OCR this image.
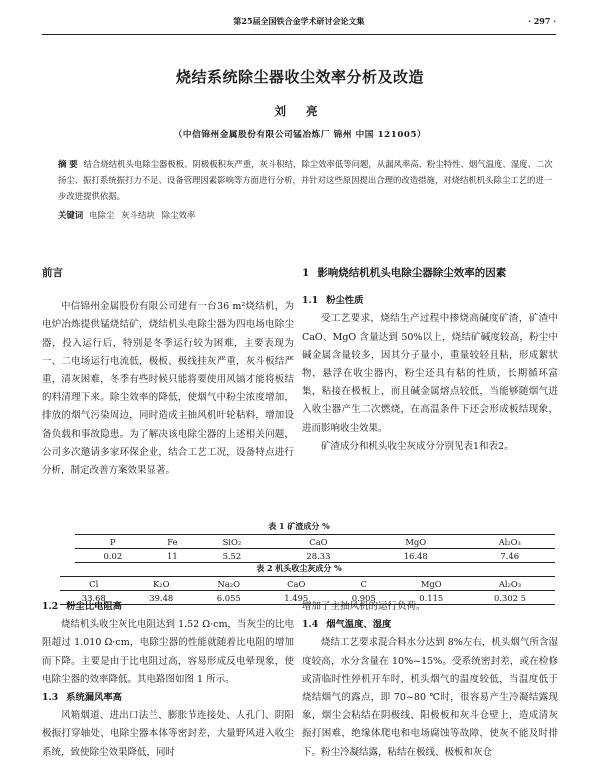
第25届全国铁合金学术研讨会论文集	· 297 ·
烧结系统除尘器收尘效率分析及改造
刘 亮
（中信锦州金属股份有限公司锰冶炼厂 锦州 中国 121005）
摘 要 结合烧结机头电除尘器极板、阴极板积灰严重，灰斗积结，除尘效率低等问题，从漏风率高、粉尘特性、烟气温度、湿度、二次扬尘、振打系统振打力不足、设备管理因素影响等方面进行分析，并针对这些原因提出合理的改造措施，对烧结机机头除尘工艺的进一步改进提供依据。
关键词 电除尘 灰斗结块 除尘效率
前言

中信锦州金属股份有限公司建有一台36 m²烧结机，为电炉冶炼提供锰烧结矿，烧结机头电除尘器为四电场电除尘器，投入运行后，特别是冬季运行较为困难，主要表现为一、二电场运行电流低，极板、极线挂灰严重，灰斗板结严重，清灰困难，冬季有些时候只能将要使用风镐才能将板结的料清理下来。除尘效率的降低，使烟气中粉尘浓度增加，排放的烟气污染周边，同时造成主抽风机叶轮粘料，增加设备负载和事故隐患。为了解决该电除尘器的上述相关问题，公司多次邀请多家环保企业，结合工艺工况，设备特点进行分析，制定改善方案效果显著。

1 影响烧结机机头电除尘器除尘效率的因素
1.1 粉尘性质

受工艺要求，烧结生产过程中掺烧高碱度矿渣，矿渣中 CaO、MgO 含量达到 50%以上，烧结矿碱度较高，粉尘中碱金属含量较多，因其分子量小，重量较轻且粘，形成絮状物，悬浮在收尘器内，粉尘还具有粘的性质，长期循环富集，粘接在极板上，而且碱金属熔点较低，当能够随烟气进入收尘器产生二次燃烧，在高温条件下还会形成板结现象，进而影响收尘效果。

矿渣成分和机头收尘灰成分分别见表1和表2。

表 1 矿渣成分 %
P	Fe	SiO₂	CaO	MgO	Al₂O₃
0.02	11	5.52	28.33	16.48	7.46
表 2 机头收尘灰成分 %
Cl	K₂O	Na₂O	CaO	C	MgO	Al₂O₃
33.68	39.48	6.055	1.495	0.905	0.115	0.302 5
1.2 粉尘比电阻高

烧结机头收尘灰比电阻达到 1.52 Ω·cm，当灰尘的比电阻超过 1.010 Ω·cm，电除尘器的性能就随着比电阻的增加而下降。主要是由于比电阻过高，容易形成反电晕现象，使电除尘器的效率降低。其电路图如图 1 所示。

1.3 系统漏风率高

风箱烟道、进出口法兰、膨胀节连接处、人孔门、阴阳极振打穿轴处、电除尘器本体等密封差，大量野风进入收尘系统，致使除尘效果降低，同时

增加了主抽风机的运行负荷。

1.4 烟气温度、湿度

烧结工艺要求混合料水分达到 8%左右，机头烟气所含湿度较高，水分含量在 10%~15%。受系统密封差，或在检修或清临时性停机开车时，机头烟气的温度较低，当温度低于烧结烟气的露点，即 70~80 ℃时，很容易产生冷凝结露现象，烟尘会粘结在阴极线、阳极板和灰斗仓壁上，造成清灰振打困难，绝缘体爬电和电场腐蚀等故障，使灰不能及时排下。粉尘冷凝结露，粘结在极线、极板和灰仓
